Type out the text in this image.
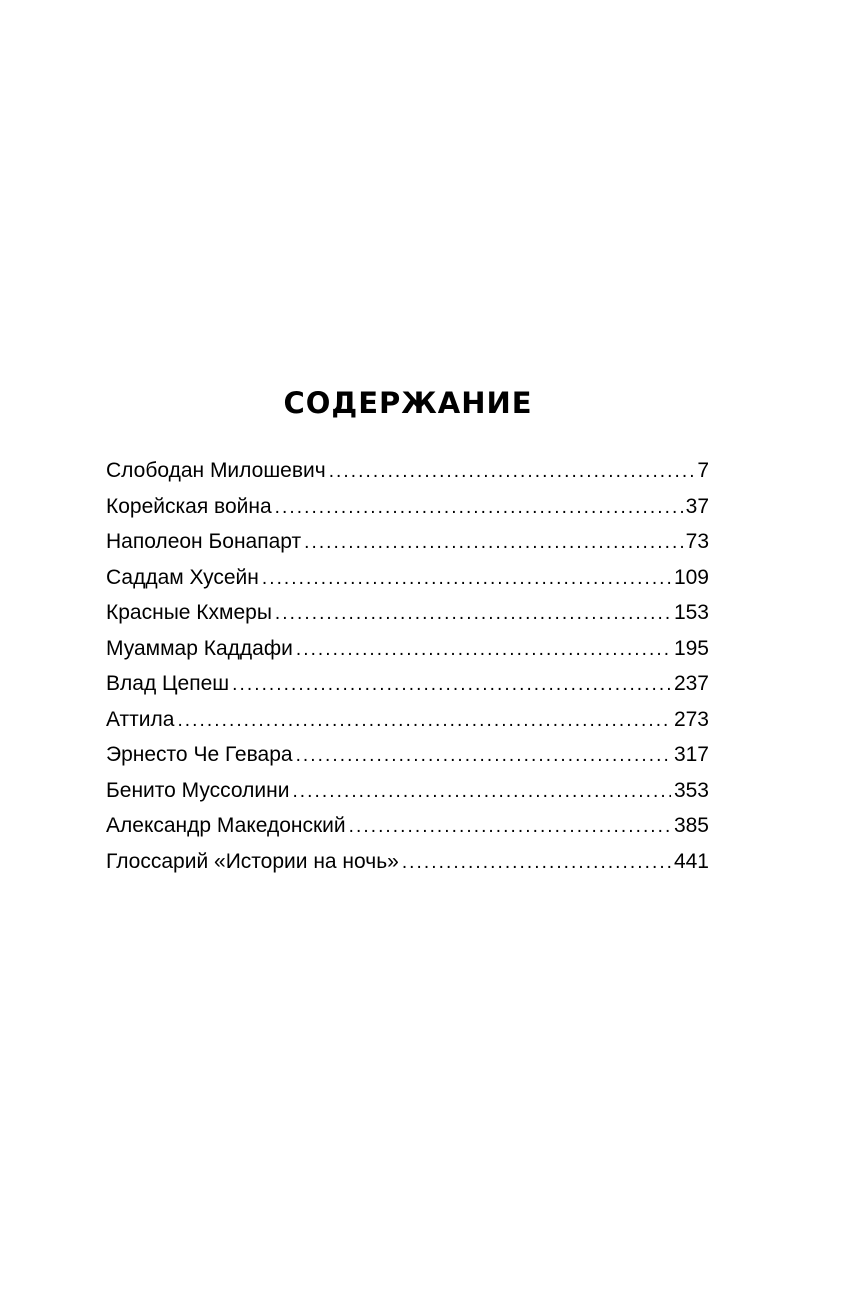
СОДЕРЖАНИЕ
Слободан Милошевич . . .	7
Корейская война . . .	37
Наполеон Бонапарт . . .	73
Саддам Хусейн . . .	109
Красные Кхмеры . . .	153
Муаммар Каддафи . . .	195
Влад Цепеш . . .	237
Аттила . . .	273
Эрнесто Че Гевара . . .	317
Бенито Муссолини . . .	353
Александр Македонский . . .	385
Глоссарий «Истории на ночь» . . .	441
